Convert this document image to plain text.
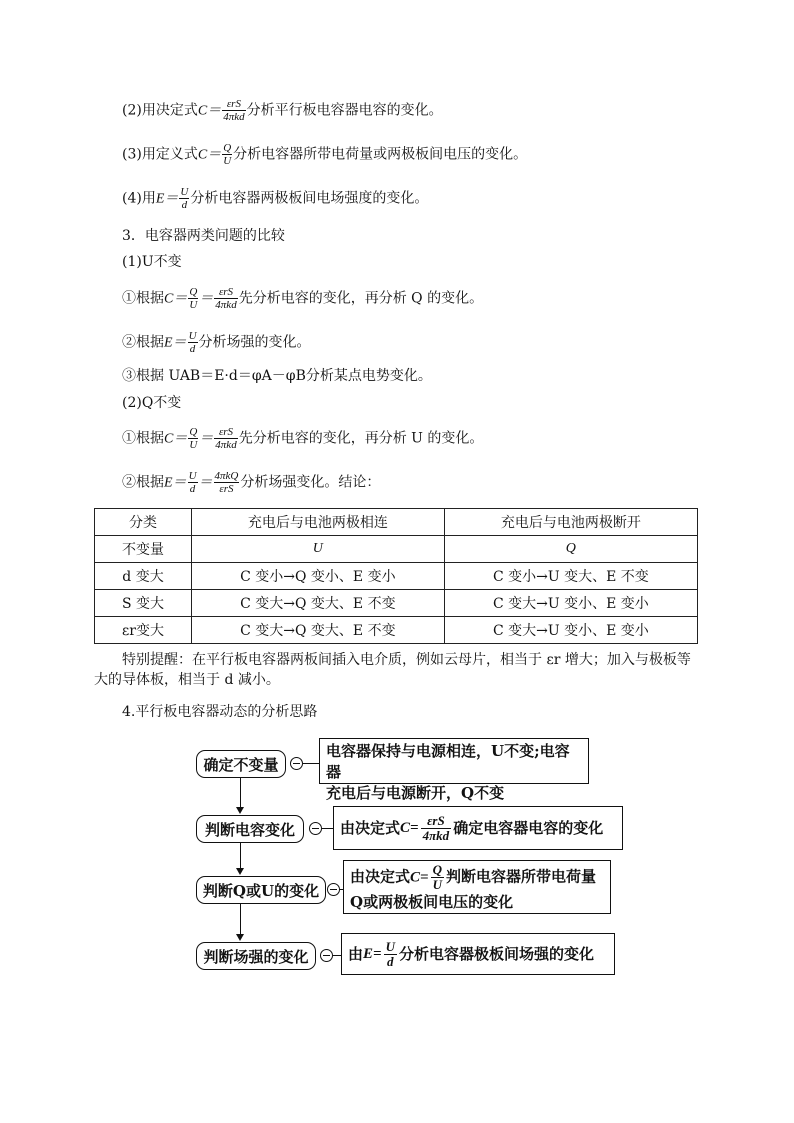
(2)用决定式$C= \frac{\text{εrS}}{\text{4πkd}}$ 分析平行板电容器电容的变化。
(3)用定义式$C= \frac{Q}{U}$ 分析电容器所带电荷量或两极板间电压的变化。
(4)用$E= \frac{U}{d}$ 分析电容器两极板间电场强度的变化。
3．电容器两类问题的比较
(1)U不变
①根据$C= \frac{Q}{U} = \frac{\text{εrS}}{\text{4πkd}}$ 先分析电容的变化，再分析 Q 的变化。
②根据$E= \frac{U}{d}$ 分析场强的变化。
③根据 UAB＝E·d＝φA－φB分析某点电势变化。
(2)Q不变
①根据$C= \frac{Q}{U} = \frac{\text{εrS}}{\text{4πkd}}$ 先分析电容的变化，再分析 U 的变化。
②根据$E= \frac{U}{d} = \frac{\text{4πkQ}}{\text{εrS}}$ 分析场强变化。结论：
分类	充电后与电池两极相连	充电后与电池两极断开
不变量	U	Q
d 变大	C 变小→Q 变小、E 变小	C 变小→U 变大、E 不变
S 变大	C 变大→Q 变大、E 不变	C 变大→U 变小、E 变小
εr变大	C 变大→Q 变大、E 不变	C 变大→U 变小、E 变小
特别提醒：在平行板电容器两板间插入电介质，例如云母片，相当于 εr 增大；加入与极板等大的导体板，相当于 d 减小。
4.平行板电容器动态的分析思路
确定不变量
判断电容变化
判断Q或U的变化
判断场强的变化
电容器保持与电源相连，U不变;电容器
充电后与电源断开，Q不变
由决定式 C= εrS
4πkd 确定电容器电容的变化
由决定式$C= \frac{Q}{U}$ 判断电容器所带电荷量
Q或两极板间电压的变化
由 $E= \frac{U}{d}$ 分析电容器极板间场强的变化
